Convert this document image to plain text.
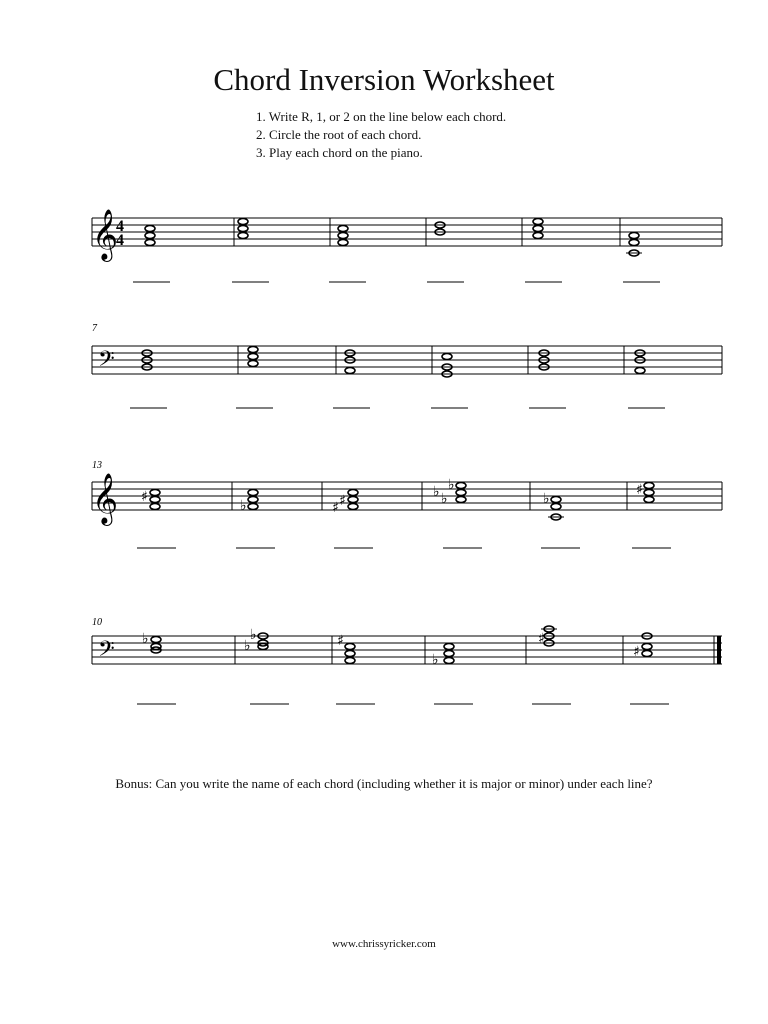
Chord Inversion Worksheet
1. Write R, 1, or 2 on the line below each chord.
2. Circle the root of each chord.
3. Play each chord on the piano.
𝄞
4
4
7
𝄢
13
𝄞 ♯
♭	♯ ♯
♭ ♭
♭
♭
♯
10
𝄢 ♭	♭
♭	♯
♭
♯
♯
Bonus: Can you write the name of each chord (including whether it is major or minor) under each line?
www.chrissyricker.com
